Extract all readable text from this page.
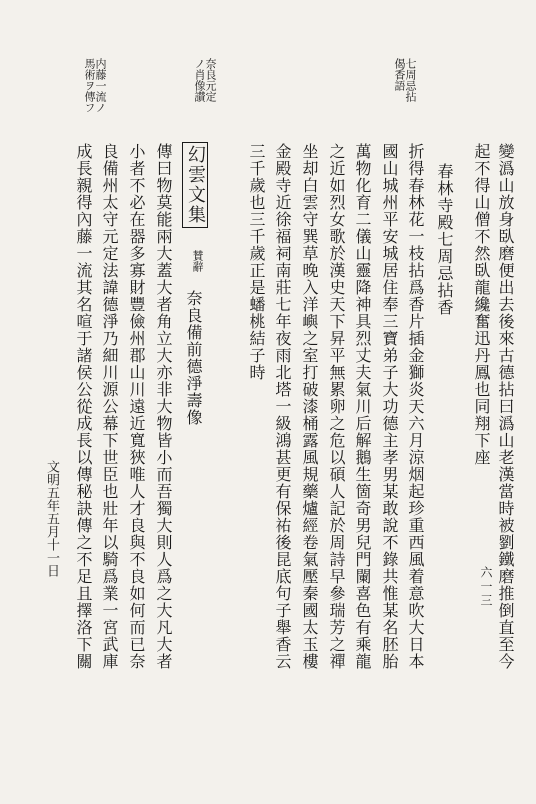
七周忌拈
偈香語
奈良元定
ノ肖像讃
内藤一流ノ
馬術ヲ傳フ
變潙山放身臥磨便出去後來古德拈曰潙山老漢當時被劉鐵磨推倒直至今
起不得山僧不然臥龍纔奮迅丹鳳也同翔下座
春林寺殿七周忌拈香
折得春林花一枝拈爲香片插金獅炎天六月涼烟起珍重西風着意吹大日本
國山城州平安城居住奉三寶弟子大功德主孝男某敢說不錄共惟某名胚胎
萬物化育二儀山靈降神具烈丈夫氣川后解鵝生箇奇男兒門闌喜色有乘龍
之近如烈女歌於漢史天下昇平無累卵之危以碩人記於周詩早參瑞芳之禪
坐却白雲守巽草晚入洋嶼之室打破漆桶露風規藥爐經卷氣壓秦國太玉樓
金殿寺近徐福祠南莊七年夜雨北塔一級鴻甚更有保祐後昆底句子舉香云
三千歲也三千歲正是蟠桃結子時
幻雲文集
賛辭
奈良備前德淨壽像
傳曰物莫能兩大蓋大者角立大亦非大物皆小而吾獨大則人爲之大凡大者
小者不必在器多寡財豐儉州郡山川遠近寬狹唯人才良與不良如何而已奈
良備州太守元定法諱德淨乃細川源公幕下世臣也壯年以騎爲業一宮武庫
成長親得內藤一流其名喧于諸侯公從成長以傳秘訣傳之不足且擇洛下關
文明五年五月十一日
六一三
